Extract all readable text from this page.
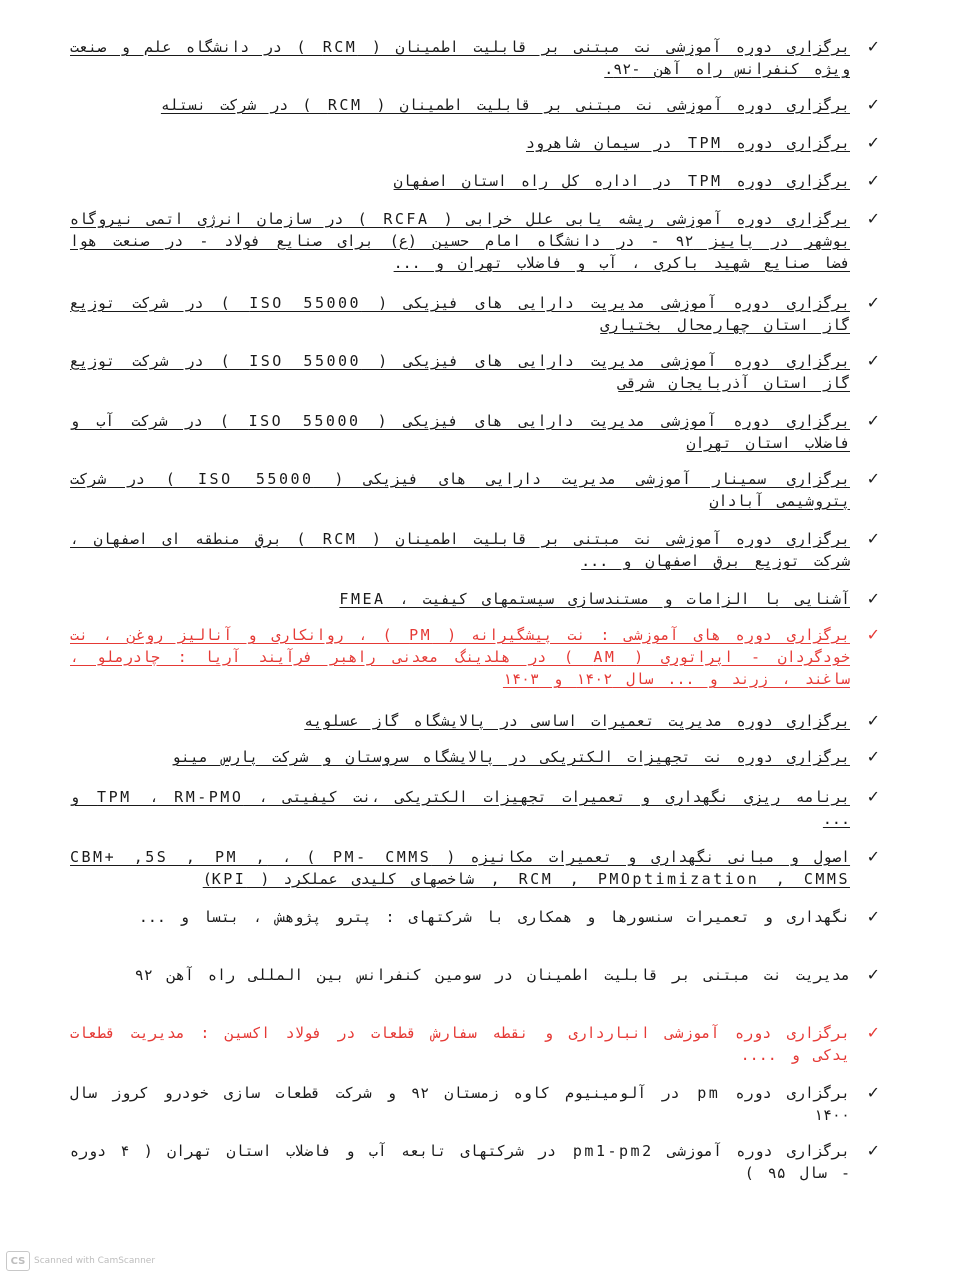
✓
برگزاری دوره آموزشی نت مبتنی بر قابلیت اطمینان ( RCM ) در دانشگاه علم و صنعت ویژه کنفرانس راه آهن -۹۲.
✓
برگزاری دوره آموزشی نت مبتنی بر قابلیت اطمینان ( RCM ) در شرکت نستله
✓
برگزاری دوره TPM در سیمان شاهرود
✓
برگزاری دوره TPM در اداره کل راه استان اصفهان
✓
برگزاری دوره آموزشی ریشه یابی علل خرابی ( RCFA ) در سازمان انرژی اتمی نیروگاه بوشهر در پاییز ۹۲ - در دانشگاه امام حسین (ع) برای صنایع فولاد - در صنعت هوا فضا صنایع شهید باکری ، آب و فاضلاب تهران و ...
✓
برگزاری دوره آموزشی مدیریت دارایی های فیزیکی ( ISO 55000 ) در شرکت توزیع گاز استان چهارمحال بختیاری
✓
برگزاری دوره آموزشی مدیریت دارایی های فیزیکی ( ISO 55000 ) در شرکت توزیع گاز استان آذربایجان شرقی
✓
برگزاری دوره آموزشی مدیریت دارایی های فیزیکی ( ISO 55000 ) در شرکت آب و فاضلاب استان تهران
✓
برگزاری سمینار آموزشی مدیریت دارایی های فیزیکی ( ISO 55000 ) در شرکت پتروشیمی آبادان
✓
برگزاری دوره آموزشی نت مبتنی بر قابلیت اطمینان ( RCM ) برق منطقه ای اصفهان ، شرکت توزیع برق اصفهان و ...
✓
آشنایی با الزامات و مستندسازی سیستمهای کیفیت ، FMEA
✓
برگزاری دوره های آموزشی : نت پیشگیرانه ( PM ) ، روانکاری و آنالیز روغن ، نت خودگردان - اپراتوری ( AM ) در هلدینگ معدنی راهبر فرآیند آریا : چادرملو ، ساغند ، زرند و ... سال ۱۴۰۲ و ۱۴۰۳
✓
برگزاری دوره مدیریت تعمیرات اساسی در پالایشگاه گاز عسلویه
✓
برگزاری دوره نت تجهیزات الکتریکی در پالایشگاه سروستان و شرکت پارس مینو
✓
برنامه ریزی نگهداری و تعمیرات تجهیزات الکتریکی ،نت کیفیتی ، TPM ، RM-PMO و ...
✓
اصول و مبانی نگهداری و تعمیرات مکانیزه ( PM- CMMS ) ، CBM+ ,5S , PM , , RCM , PMOptimization , CMMS شاخصهای کلیدی عملکرد ( KPI)
✓
نگهداری و تعمیرات سنسورها و همکاری با شرکتهای : پترو پژوهش ، بتسا و ...
✓
مدیریت نت مبتنی بر قابلیت اطمینان در سومین کنفرانس بین المللی راه آهن ۹۲
✓
برگزاری دوره آموزشی انبارداری و نقطه سفارش قطعات در فولاد اکسین : مدیریت قطعات یدکی و ....
✓
برگزاری دوره pm در آلومینیوم کاوه زمستان ۹۲ و شرکت قطعات سازی خودرو کروز سال ۱۴۰۰
✓
برگزاری دوره آموزشی pm1-pm2 در شرکتهای تابعه آب و فاضلاب استان تهران ( ۴ دوره - سال ۹۵ )
CS Scanned with CamScanner
